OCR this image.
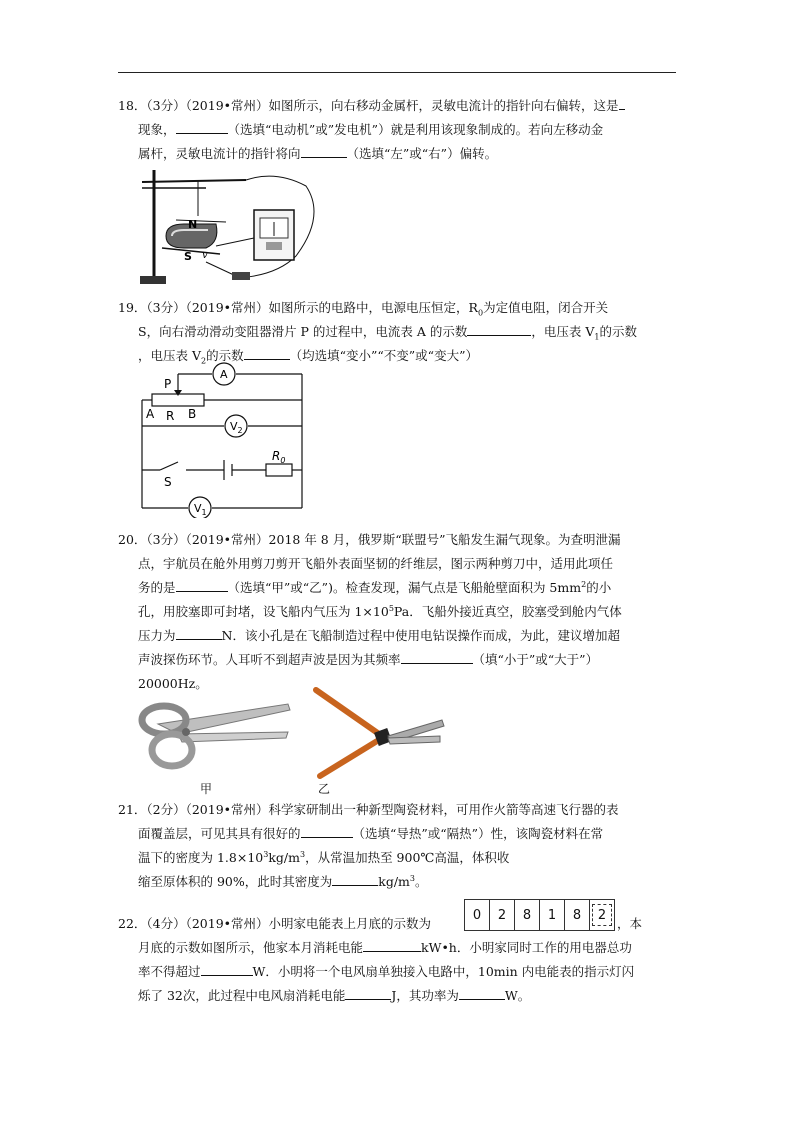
18．（3分）（2019•常州）如图所示，向右移动金属杆，灵敏电流计的指针向右偏转，这是

现象，	（选填“电动机”或”发电机”）就是利用该现象制成的。若向左移动金

属杆，灵敏电流计的指针将向	（选填“左”或“右”）偏转。

N
S v

19．（3分）（2019•常州）如图所示的电路中，电源电压恒定，$R_0$为定值电阻，闭合开关

S，向右滑动滑动变阻器滑片 P 的过程中，电流表 A 的示数	，电压表 $V_1$的示数

，电压表 $V_2$的示数	（均选填“变小”“不变”或“变大”）

P
A R B
A
$V_2$
$V_1$
S
$R_0$

20．（3分）（2019•常州）2018 年 8 月，俄罗斯“联盟号”飞船发生漏气现象。为查明泄漏

点，宇航员在舱外用剪刀剪开飞船外表面坚韧的纤维层，图示两种剪刀中，适用此项任

务的是	（选填“甲”或“乙”)。检查发现，漏气点是飞船舱壁面积为 $5mm^2$的小

孔，用胶塞即可封堵，设飞船内气压为 $1\times 10^5Pa$．飞船外接近真空，胶塞受到舱内气体

压力为	N．该小孔是在飞船制造过程中使用电钻误操作而成，为此，建议增加超

声波探伤环节。人耳听不到超声波是因为其频率	（填“小于”或“大于”）

20000Hz。

甲	乙

21．（2分）（2019•常州）科学家研制出一种新型陶瓷材料，可用作火箭等高速飞行器的表

面覆盖层，可见其具有很好的	（选填“导热”或“隔热”）性，该陶瓷材料在常

温下的密度为 $1.8\times 10^3kg/m^3$，从常温加热至 900℃高温，体积收

缩至原体积的 90%，此时其密度为	$kg/m^3$。

22．（4分）（2019•常州）小明家电能表上月底的示数为	，本

月底的示数如图所示，他家本月消耗电能	kW•h．小明家同时工作的用电器总功

率不得超过	W．小明将一个电风扇单独接入电路中，10min 内电能表的指示灯闪

烁了 32次，此过程中电风扇消耗电能	J，其功率为	W。

0	2	8	1	8	2
